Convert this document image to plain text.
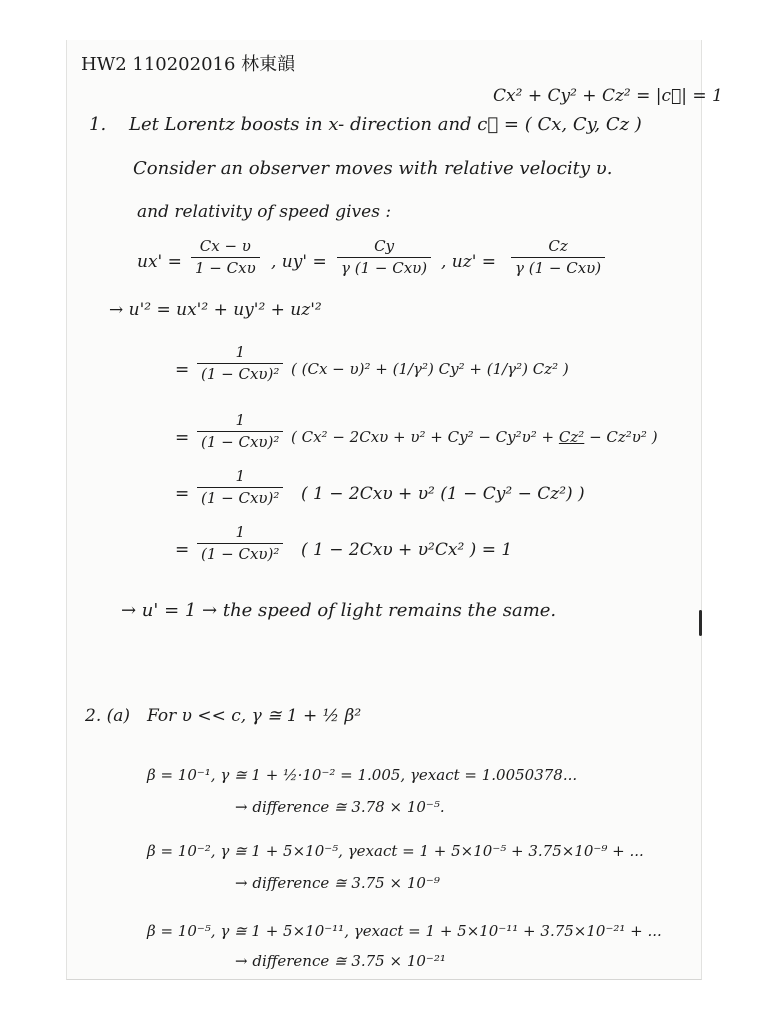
HW2 110202016 林東韻
Cx² + Cy² + Cz² = |c⃗| = 1
1. Let Lorentz boosts in x- direction and c⃗ = ( Cx, Cy, Cz )
Consider an observer moves with relative velocity υ.
and relativity of speed gives :
ux' =
Cx − υ
1 − Cxυ , uy' =
Cy
γ (1 − Cxυ) , uz' =
Cz
γ (1 − Cxυ)
→ u'² = ux'² + uy'² + uz'²
=
1
(1 − Cxυ)² ( (Cx − υ)² + (1/γ²) Cy² + (1/γ²) Cz² )
=
1
(1 − Cxυ)² ( Cx² − 2Cxυ + υ² + Cy² − Cy²υ² + Cz² − Cz²υ² )
=
1
(1 − Cxυ)² ( 1 − 2Cxυ + υ² (1 − Cy² − Cz²) )
=
1
(1 − Cxυ)² ( 1 − 2Cxυ + υ²Cx² ) = 1
→ u' = 1 → the speed of light remains the same.
2. (a) For υ << c, γ ≅ 1 + ½ β²
β = 10⁻¹, γ ≅ 1 + ½·10⁻² = 1.005, γexact = 1.0050378...
→ difference ≅ 3.78 × 10⁻⁵.
β = 10⁻², γ ≅ 1 + 5×10⁻⁵, γexact = 1 + 5×10⁻⁵ + 3.75×10⁻⁹ + ...
→ difference ≅ 3.75 × 10⁻⁹
β = 10⁻⁵, γ ≅ 1 + 5×10⁻¹¹, γexact = 1 + 5×10⁻¹¹ + 3.75×10⁻²¹ + ...
→ difference ≅ 3.75 × 10⁻²¹
